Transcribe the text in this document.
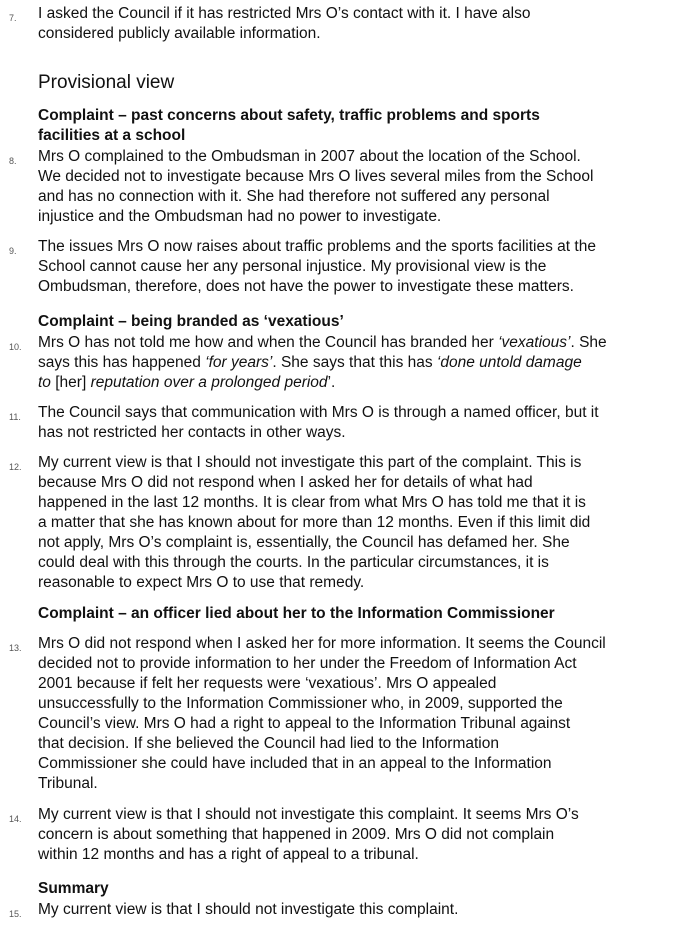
7. I asked the Council if it has restricted Mrs O’s contact with it. I have also
considered publicly available information.
Provisional view
Complaint – past concerns about safety, traffic problems and sports
facilities at a school
8. Mrs O complained to the Ombudsman in 2007 about the location of the School.
We decided not to investigate because Mrs O lives several miles from the School
and has no connection with it. She had therefore not suffered any personal
injustice and the Ombudsman had no power to investigate.
9. The issues Mrs O now raises about traffic problems and the sports facilities at the
School cannot cause her any personal injustice. My provisional view is the
Ombudsman, therefore, does not have the power to investigate these matters.
Complaint – being branded as ‘vexatious’
10. Mrs O has not told me how and when the Council has branded her ‘vexatious’. She
says this has happened ‘for years’. She says that this has ‘done untold damage
to [her] reputation over a prolonged period’.
11. The Council says that communication with Mrs O is through a named officer, but it
has not restricted her contacts in other ways.
12. My current view is that I should not investigate this part of the complaint. This is
because Mrs O did not respond when I asked her for details of what had
happened in the last 12 months. It is clear from what Mrs O has told me that it is
a matter that she has known about for more than 12 months. Even if this limit did
not apply, Mrs O’s complaint is, essentially, the Council has defamed her. She
could deal with this through the courts. In the particular circumstances, it is
reasonable to expect Mrs O to use that remedy.
Complaint – an officer lied about her to the Information Commissioner
13. Mrs O did not respond when I asked her for more information. It seems the Council
decided not to provide information to her under the Freedom of Information Act
2001 because if felt her requests were ‘vexatious’. Mrs O appealed
unsuccessfully to the Information Commissioner who, in 2009, supported the
Council’s view. Mrs O had a right to appeal to the Information Tribunal against
that decision. If she believed the Council had lied to the Information
Commissioner she could have included that in an appeal to the Information
Tribunal.
14. My current view is that I should not investigate this complaint. It seems Mrs O’s
concern is about something that happened in 2009. Mrs O did not complain
within 12 months and has a right of appeal to a tribunal.
Summary
15. My current view is that I should not investigate this complaint.
